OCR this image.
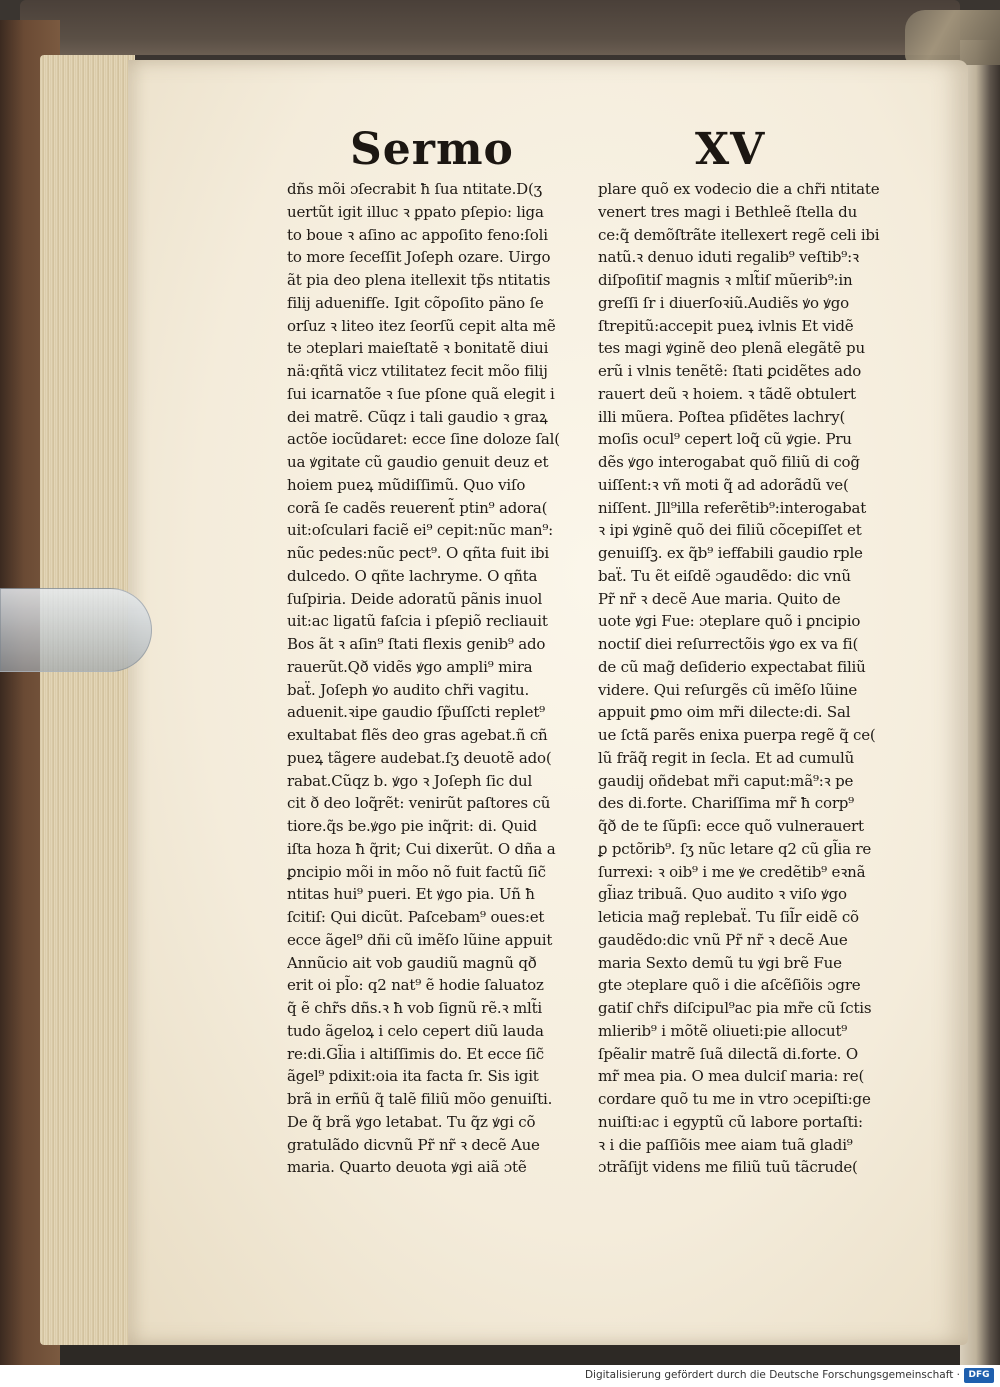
Sermo	XV
dñs mõi ɔſecrabit ħ ſua ntitate.D(ʒ
uertũt igit illuc ꝛ ꝑpato pſepio: liga
to boue ꝛ aſino ac appoſito feno:ſoli
to more ſeceſſit Joſeph ozare. Uirgo
ãt pia deo plena itellexit tp̃s ntitatis
filij aduenifſe. Igit cõpoſito päno ſe
orſuz ꝛ liteo itez ſeorſũ cepit alta mẽ
te ɔteplari maieſtatẽ ꝛ bonitatẽ diui
nä:qñtã vicz vtilitatez fecit mõo filij
ſui icarnatõe ꝛ ſue pſone quã elegit i
dei matrẽ. Cũqz i tali gaudio ꝛ graꝝ
actõe iocũdaret: ecce ſine doloze ſal(
ua ꝟgitate cũ gaudio genuit deuz et
hoiem pueꝝ mũdiſſimũ. Quo viſo
corã ſe cadẽs reuerent̃ ptin⁹ adora(
uit:oſculari faciẽ ei⁹ cepit:nũc man⁹:
nũc pedes:nũc pect⁹. O qñta fuit ibi
dulcedo. O qñte lachryme. O qñta
ſuſpiria. Deide adoratũ pãnis inuol
uit:ac ligatũ faſcia i pſepiõ recliauit
Bos ãt ꝛ aſin⁹ ſtati flexis genib⁹ ado
rauerũt.Qð vidẽs ꝟgo ampli⁹ mira
baẗ. Joſeph ꝟo audito chr̃i vagitu.
aduenit.ꝛipe gaudio ſp̃uſſcti replet⁹
exultabat flẽs deo gras agebat.ñ cñ
pueꝝ tãgere audebat.ſʒ deuotẽ ado(
rabat.Cũqz b. ꝟgo ꝛ Joſeph ſic dul
cit ð deo loq̃rẽt: venirũt paſtores cũ
tiore.q̃s be.ꝟgo pie inq̃rit: di. Quid
iſta hoza ħ q̃rit; Cui dixerũt. O dña a
ꝑncipio mõi in mõo nõ fuit factũ ſic̃
ntitas hui⁹ pueri. Et ꝟgo pia. Uñ ħ
ſcitiſ: Qui dicũt. Paſcebam⁹ oues:et
ecce ãgel⁹ dñi cũ imẽſo lũine appuit
Annũcio ait vob gaudiũ magnũ qð
erit oi pl̃o: q2 nat⁹ ẽ hodie ſaluatoz
q̃ ẽ chr̃s dñs.ꝛ ħ vob ſignũ rẽ.ꝛ mlt̃i
tudo ãgeloꝝ i celo cepert diũ lauda
re:di.Gl̃ia i altiſſimis do. Et ecce ſic̃
ãgel⁹ pdixit:oia ita facta ſr. Sis igit
brã in erñũ q̃ talẽ filiũ mõo genuiſti.
De q̃ brã ꝟgo letabat. Tu q̃z ꝟgi cõ
gratulãdo dicvnũ Pr̃ nr̃ ꝛ decẽ Aue
maria. Quarto deuota ꝟgi aiã ɔtẽ
plare quõ ex vodecio die a chr̃i ntitate
venert tres magi i Bethleẽ ſtella du
ce:q̃ demõſtrãte itellexert regẽ celi ibi
natũ.ꝛ denuo iduti regalib⁹ veſtib⁹:ꝛ
diſpoſitiſ magnis ꝛ mlt̃iſ mũerib⁹:in
greſſi ſr i diuerſoꝛiũ.Audiẽs ꝟo ꝟgo
ſtrepitũ:accepit pueꝝ ivlnis Et vidẽ
tes magi ꝟginẽ deo plenã elegãtẽ pu
erũ i vlnis tenẽtẽ: ſtati ꝑcidẽtes ado
rauert deũ ꝛ hoiem. ꝛ tãdẽ obtulert
illi mũera. Poſtea pſidẽtes lachry(
moſis ocul⁹ cepert loq̃ cũ ꝟgie. Pru
dẽs ꝟgo interogabat quõ filiũ di cog̃
uiſſent:ꝛ vñ moti q̃ ad adorãdũ ve(
niſſent. Jll⁹illa referẽtib⁹:interogabat
ꝛ ipi ꝟginẽ quõ dei filiũ cõcepiſſet et
genuiſſꝫ. ex q̃b⁹ ieffabili gaudio rple
baẗ. Tu ẽt eiſdẽ ɔgaudẽdo: dic vnũ
Pr̃ nr̃ ꝛ decẽ Aue maria. Quito de
uote ꝟgi Fue: ɔteplare quõ i ꝑncipio
noctiſ diei reſurrectõis ꝟgo ex va fi(
de cũ mag̃ deſiderio expectabat filiũ
videre. Qui reſurgẽs cũ imẽſo lũine
appuit ꝑmo oim mr̃i dilecte:di. Sal
ue ſctã parẽs enixa puerpa regẽ q̃ ce(
lũ frãq̃ regit in ſecla. Et ad cumulũ
gaudij oñdebat mr̃i caput:mã⁹:ꝛ pe
des di.forte. Chariſſima mr̃ ħ corp⁹
q̃ð de te ſũpſi: ecce quõ vulnerauert
ꝑ pctõrib⁹. ſʒ nũc letare q2 cũ gl̃ia re
ſurrexi: ꝛ oib⁹ i me ꝟe credẽtib⁹ eꝛnã
gl̃iaz tribuã. Quo audito ꝛ viſo ꝟgo
leticia mag̃ replebaẗ. Tu ſil̃r eidẽ cõ
gaudẽdo:dic vnũ Pr̃ nr̃ ꝛ decẽ Aue
maria Sexto demũ tu ꝟgi brẽ Fue
gte ɔteplare quõ i die aſcẽſiõis ɔgre
gatiſ chr̃s diſcipul⁹ac pia mr̃e cũ ſctis
mlierib⁹ i mõtẽ oliueti:pie allocut⁹
ſpẽalir matrẽ ſuã dilectã di.forte. O
mr̃ mea pia. O mea dulciſ maria: re(
cordare quõ tu me in vtro ɔcepiſti:ge
nuiſti:ac i egyptũ cũ labore portaſti:
ꝛ i die paſſiõis mee aiam tuã gladi⁹
ɔtrãſijt videns me filiũ tuũ tãcrude(
Digitalisierung gefördert durch die Deutsche Forschungsgemeinschaft · DFG
